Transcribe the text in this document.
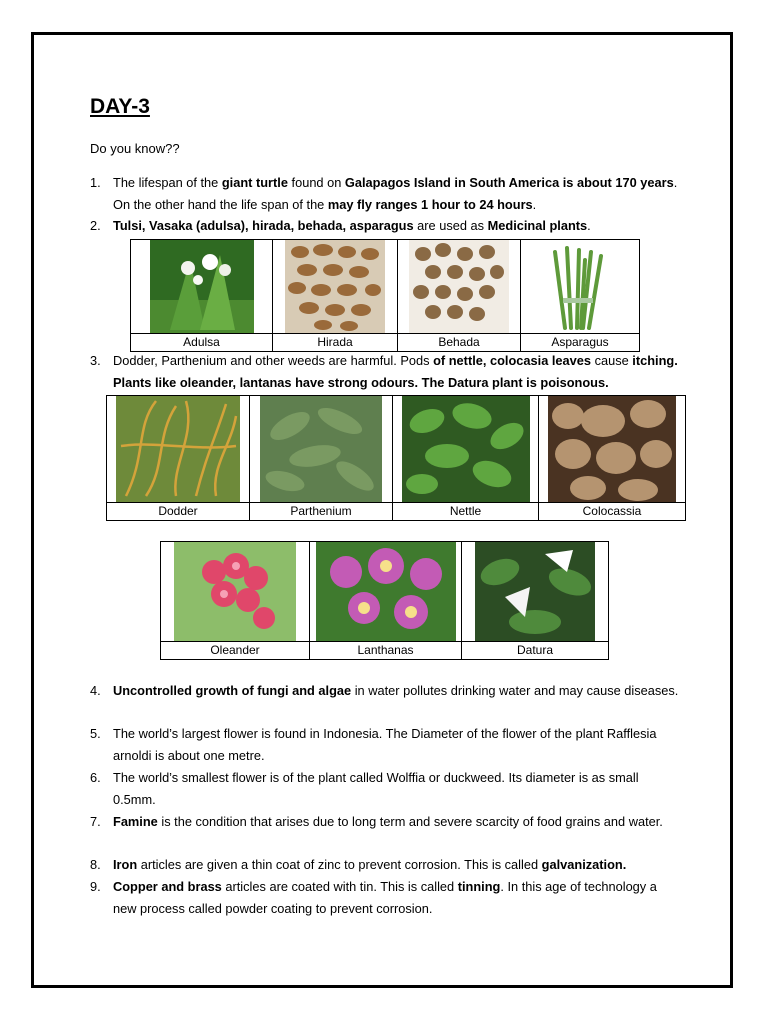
DAY-3
Do you know??
1. The lifespan of the giant turtle found on Galapagos Island in South America is about 170 years. On the other hand the life span of the may fly ranges 1 hour to 24 hours.
2. Tulsi, Vasaka (adulsa), hirada, behada, asparagus are used as Medicinal plants.

Adulsa	Hirada	Behada	Asparagus
3. Dodder, Parthenium and other weeds are harmful. Pods of nettle, colocasia leaves cause itching. Plants like oleander, lantanas have strong odours. The Datura plant is poisonous.

Dodder	Parthenium	Nettle	Colocassia

Oleander	Lanthanas	Datura
4. Uncontrolled growth of fungi and algae in water pollutes drinking water and may cause diseases.
5. The world’s largest flower is found in Indonesia. The Diameter of the flower of the plant Rafflesia arnoldi is about one metre.
6. The world’s smallest flower is of the plant called Wolffia or duckweed. Its diameter is as small 0.5mm.
7. Famine is the condition that arises due to long term and severe scarcity of food grains and water.
8. Iron articles are given a thin coat of zinc to prevent corrosion. This is called galvanization.
9. Copper and brass articles are coated with tin. This is called tinning. In this age of technology a new process called powder coating to prevent corrosion.
